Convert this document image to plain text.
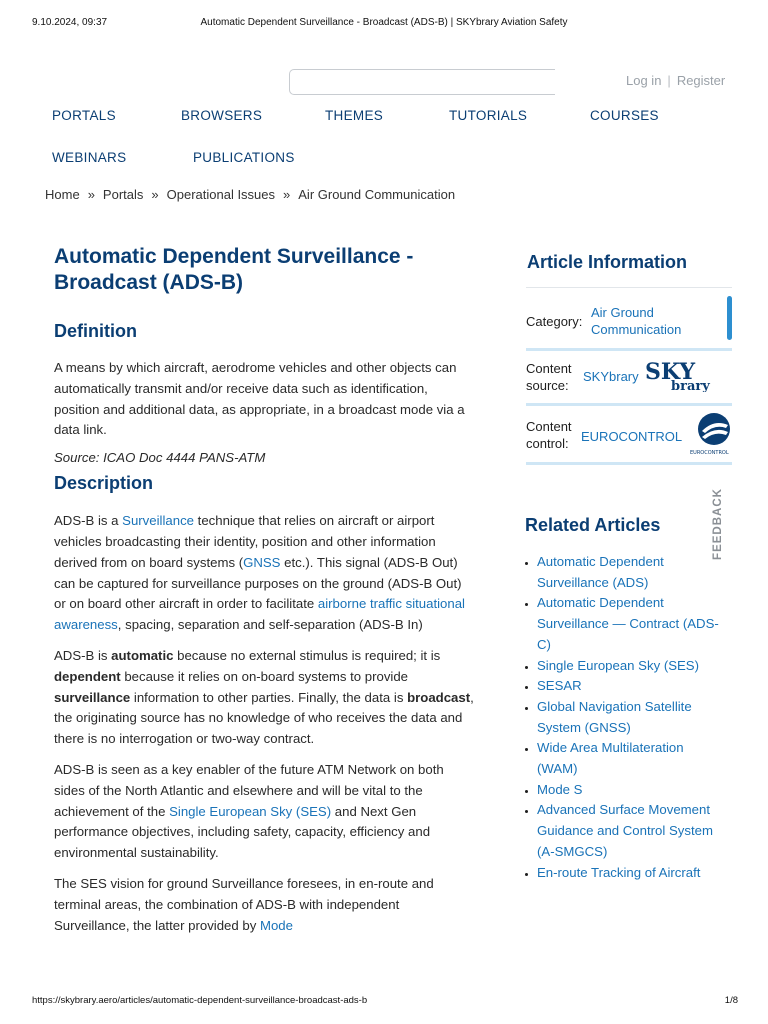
9.10.2024, 09:37	Automatic Dependent Surveillance - Broadcast (ADS-B) | SKYbrary Aviation Safety
Log in | Register
PORTALS	BROWSERS	THEMES	TUTORIALS	COURSES
WEBINARS	PUBLICATIONS
Home » Portals » Operational Issues » Air Ground Communication
Automatic Dependent Surveillance - Broadcast (ADS-B)
Definition

A means by which aircraft, aerodrome vehicles and other objects can automatically transmit and/or receive data such as identification, position and additional data, as appropriate, in a broadcast mode via a data link.

Source: ICAO Doc 4444 PANS-ATM
Description

ADS-B is a Surveillance technique that relies on aircraft or airport vehicles broadcasting their identity, position and other information derived from on board systems (GNSS etc.). This signal (ADS-B Out) can be captured for surveillance purposes on the ground (ADS-B Out) or on board other aircraft in order to facilitate airborne traffic situational awareness, spacing, separation and self-separation (ADS-B In)

ADS-B is automatic because no external stimulus is required; it is dependent because it relies on on-board systems to provide surveillance information to other parties. Finally, the data is broadcast, the originating source has no knowledge of who receives the data and there is no interrogation or two-way contract.

ADS-B is seen as a key enabler of the future ATM Network on both sides of the North Atlantic and elsewhere and will be vital to the achievement of the Single European Sky (SES) and Next Gen performance objectives, including safety, capacity, efficiency and environmental sustainability.

The SES vision for ground Surveillance foresees, in en-route and terminal areas, the combination of ADS-B with independent Surveillance, the latter provided by Mode

Article Information
Category:
Air Ground Communication
Content source:
SKYbrary SKY
brary
Content control: EUROCONTROL
EUROCONTROL
FEEDBACK
Related Articles
• Automatic Dependent Surveillance (ADS)
• Automatic Dependent Surveillance — Contract (ADS-C)
• Single European Sky (SES)
• SESAR
• Global Navigation Satellite System (GNSS)
• Wide Area Multilateration (WAM)
• Mode S
• Advanced Surface Movement Guidance and Control System (A-SMGCS)
• En-route Tracking of Aircraft
https://skybrary.aero/articles/automatic-dependent-surveillance-broadcast-ads-b	1/8
